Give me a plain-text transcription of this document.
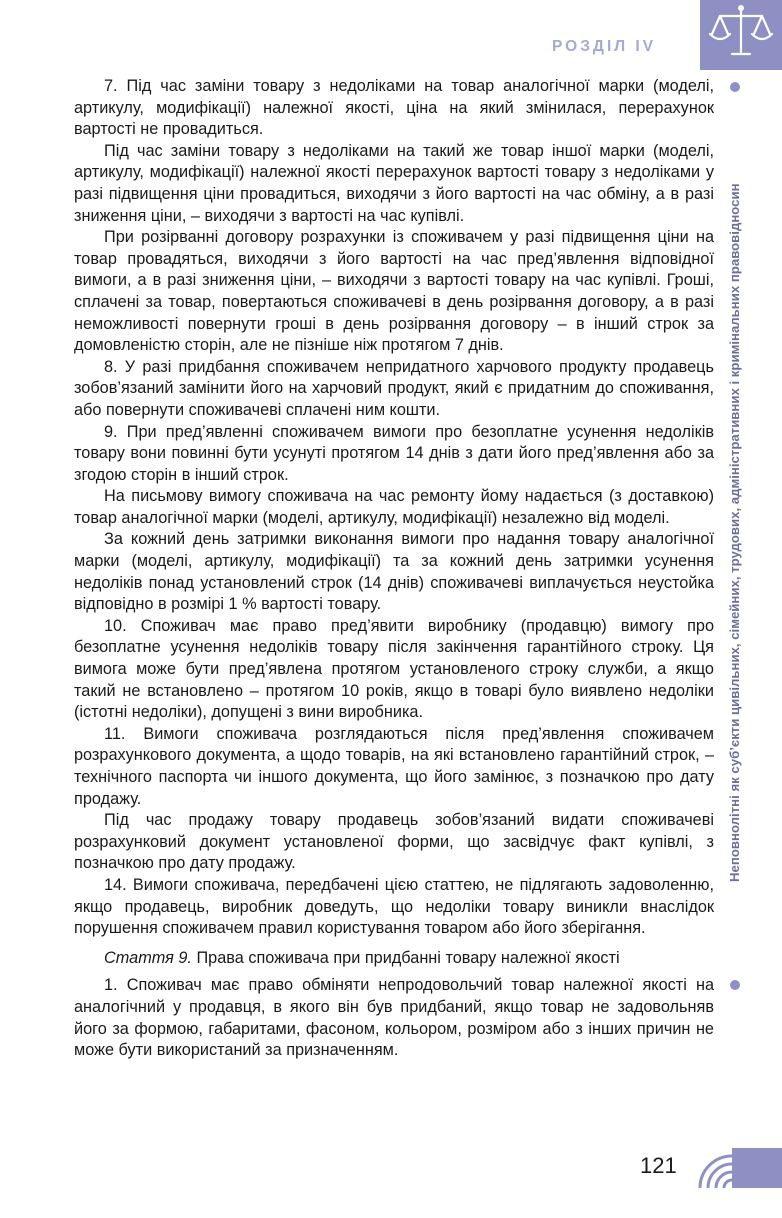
РОЗДІЛ IV
Неповнолітні як суб’єкти цивільних, сімейних, трудових, адміністративних і кримінальних правовідносин

7. Під час заміни товару з недоліками на товар аналогічної марки (моделі, артикулу, модифікації) належної якості, ціна на який змінилася, перерахунок вартості не провадиться.

Під час заміни товару з недоліками на такий же товар іншої марки (моделі, артикулу, модифікації) належної якості перерахунок вартості товару з недоліками у разі підвищення ціни провадиться, виходячи з його вартості на час обміну, а в разі зниження ціни, – виходячи з вартості на час купівлі.

При розірванні договору розрахунки із споживачем у разі підвищення ціни на товар провадяться, виходячи з його вартості на час пред’явлення відповідної вимоги, а в разі зниження ціни, – виходячи з вартості товару на час купівлі. Гроші, сплачені за товар, повертаються споживачеві в день розірвання договору, а в разі неможливості повернути гроші в день розірвання договору – в інший строк за домовленістю сторін, але не пізніше ніж протягом 7 днів.

8. У разі придбання споживачем непридатного харчового продукту продавець зобов’язаний замінити його на харчовий продукт, який є придатним до споживання, або повернути споживачеві сплачені ним кошти.

9. При пред’явленні споживачем вимоги про безоплатне усунення недоліків товару вони повинні бути усунуті протягом 14 днів з дати його пред’явлення або за згодою сторін в інший строк.

На письмову вимогу споживача на час ремонту йому надається (з доставкою) товар аналогічної марки (моделі, артикулу, модифікації) незалежно від моделі.

За кожний день затримки виконання вимоги про надання товару аналогічної марки (моделі, артикулу, модифікації) та за кожний день затримки усунення недоліків понад установлений строк (14 днів) споживачеві виплачується неустойка відповідно в розмірі 1 % вартості товару.

10. Споживач має право пред’явити виробнику (продавцю) вимогу про безоплатне усунення недоліків товару після закінчення гарантійного строку. Ця вимога може бути пред’явлена протягом установленого строку служби, а якщо такий не встановлено – протягом 10 років, якщо в товарі було виявлено недоліки (істотні недоліки), допущені з вини виробника.

11. Вимоги споживача розглядаються після пред’явлення споживачем розрахункового документа, а щодо товарів, на які встановлено гарантійний строк, – технічного паспорта чи іншого документа, що його замінює, з позначкою про дату продажу.

Під час продажу товару продавець зобов’язаний видати споживачеві розрахунковий документ установленої форми, що засвідчує факт купівлі, з позначкою про дату продажу.

14. Вимоги споживача, передбачені цією статтею, не підлягають задоволенню, якщо продавець, виробник доведуть, що недоліки товару виникли внаслідок порушення споживачем правил користування товаром або його зберігання.

Стаття 9. Права споживача при придбанні товару належної якості

1. Споживач має право обміняти непродовольчий товар належної якості на аналогічний у продавця, в якого він був придбаний, якщо товар не задовольняв його за формою, габаритами, фасоном, кольором, розміром або з інших причин не може бути використаний за призначенням.

121
